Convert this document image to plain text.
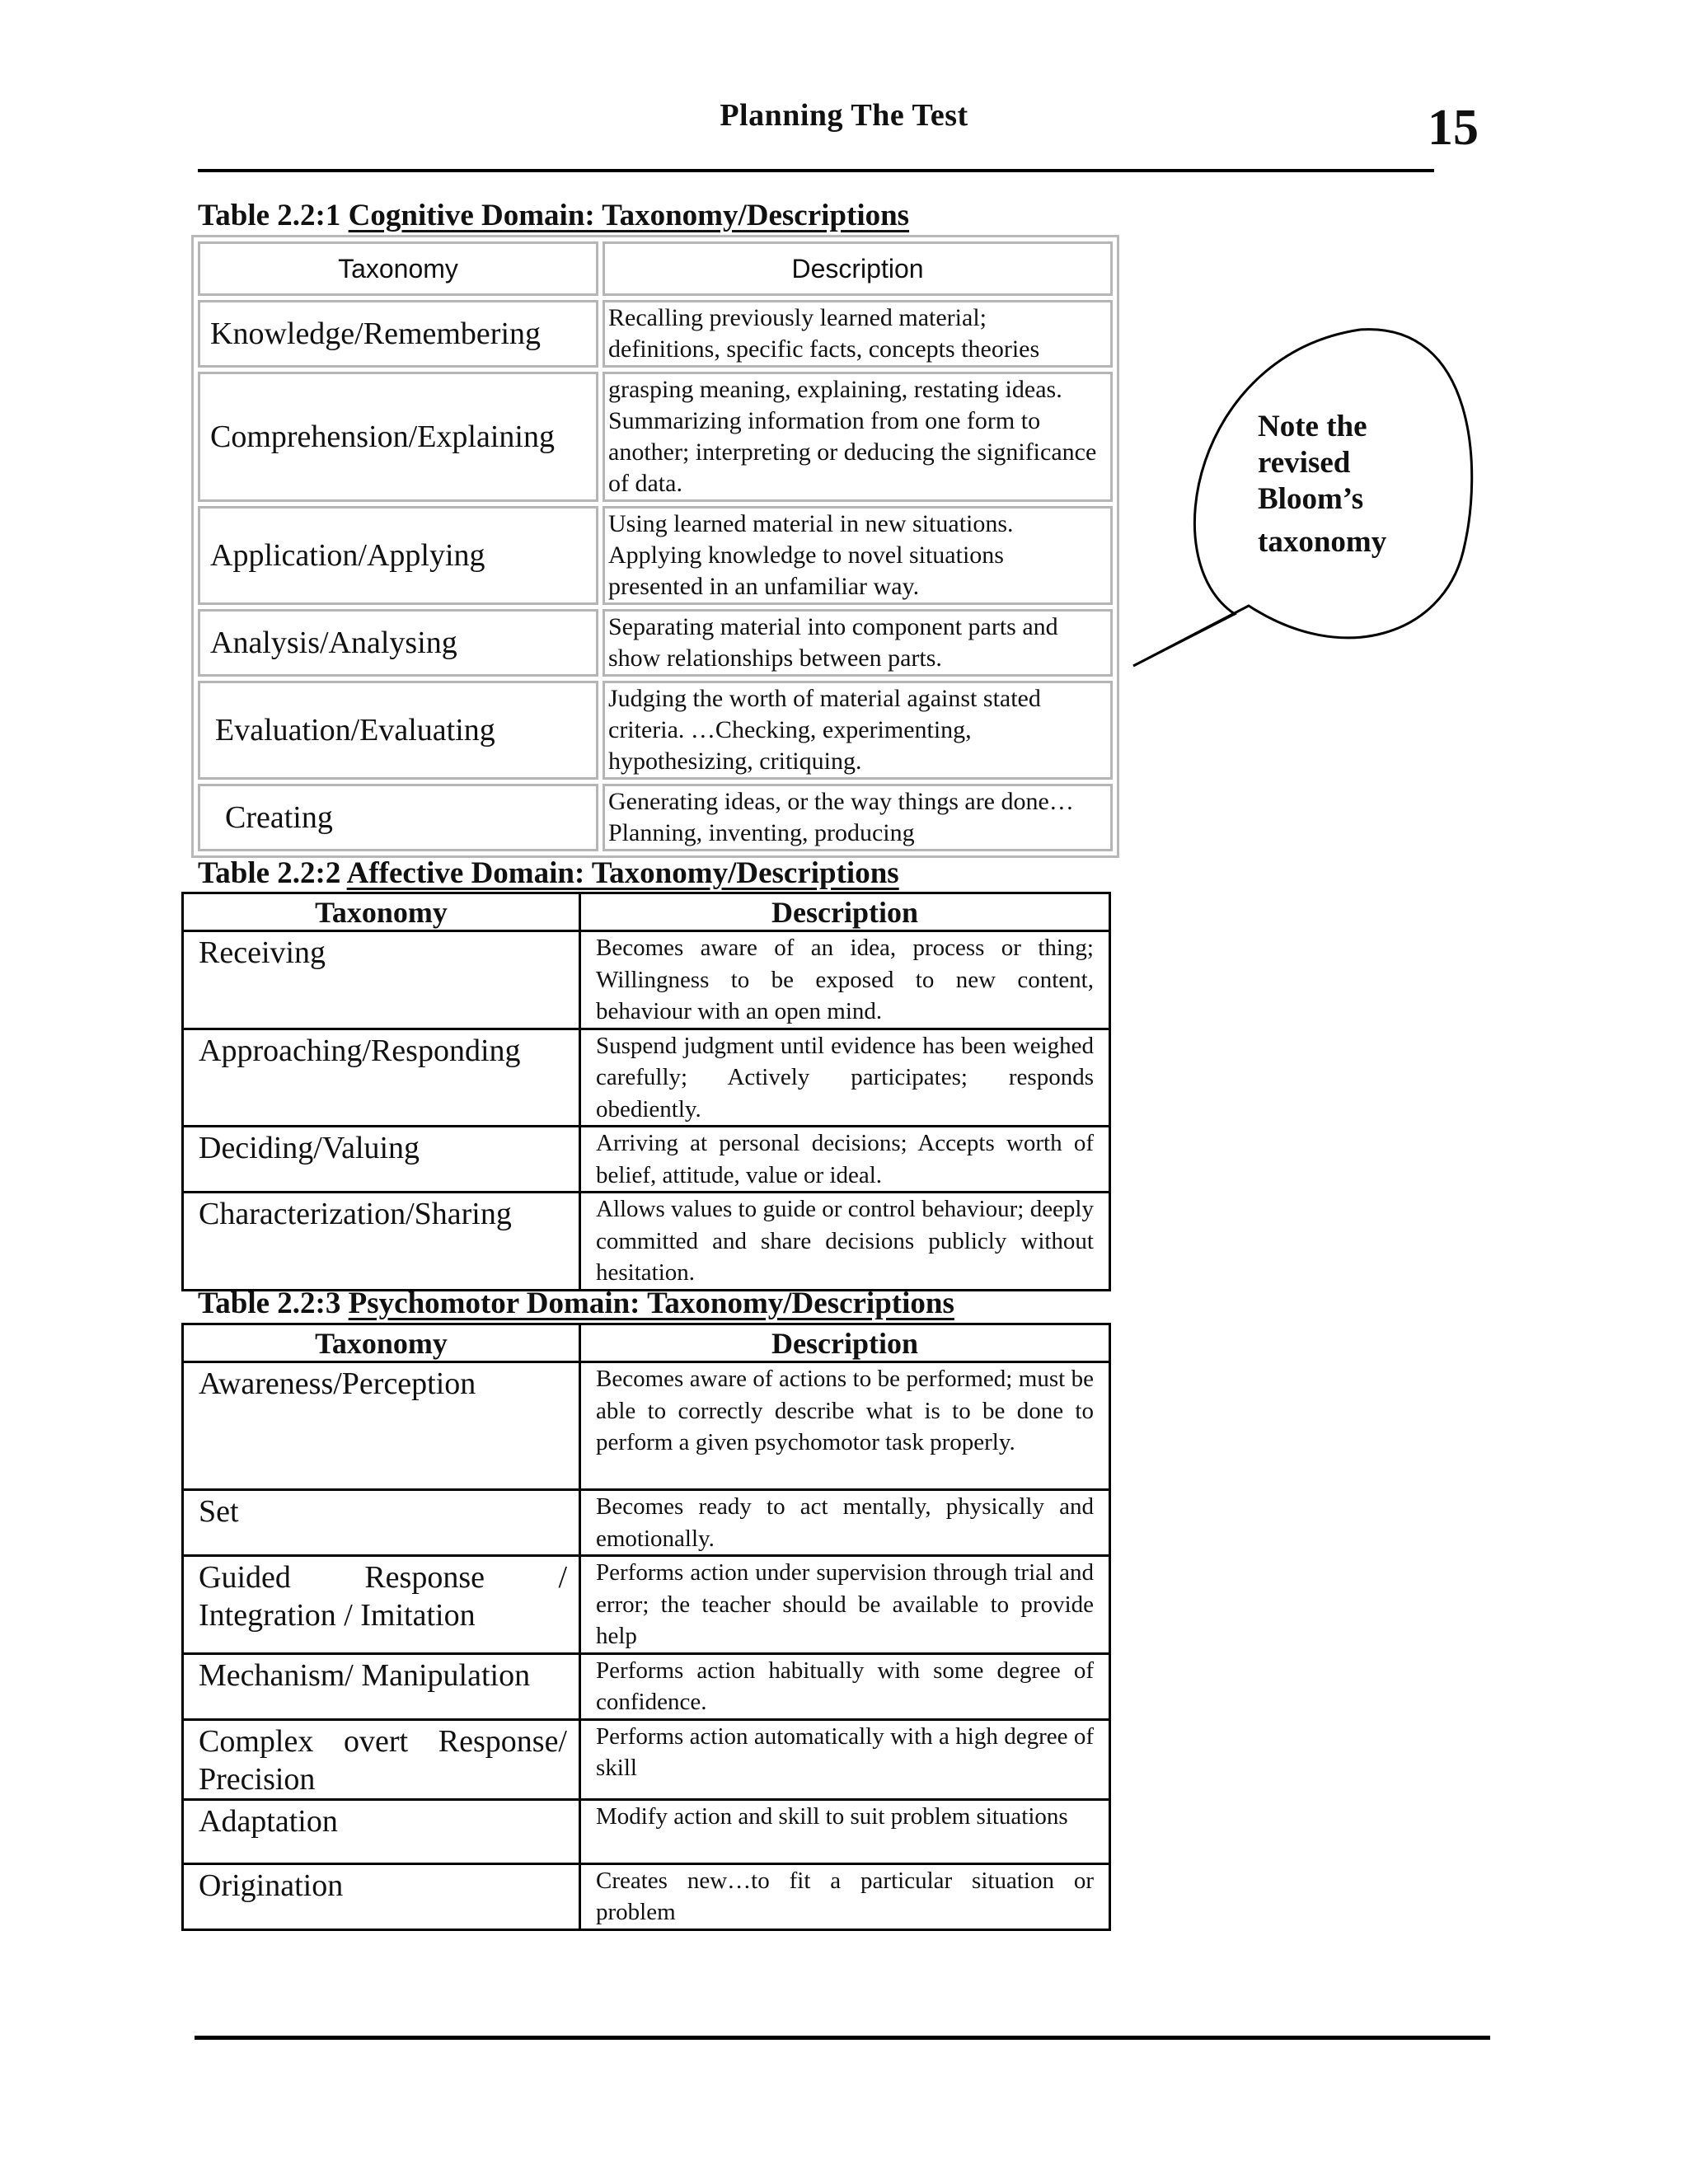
Planning The Test	15
Table 2.2:1 Cognitive Domain: Taxonomy/Descriptions
Taxonomy	Description
Knowledge/Remembering	Recalling previously learned material; definitions, specific facts, concepts theories
Comprehension/Explaining	grasping meaning, explaining, restating ideas. Summarizing information from one form to another; interpreting or deducing the significance of data.
Application/Applying	Using learned material in new situations. Applying knowledge to novel situations presented in an unfamiliar way.
Analysis/Analysing	Separating material into component parts and show relationships between parts.
Evaluation/Evaluating	Judging the worth of material against stated criteria. …Checking, experimenting, hypothesizing, critiquing.
Creating	Generating ideas, or the way things are done…Planning, inventing, producing
Note the
revised
Bloom’s
taxonomy
Table 2.2:2 Affective Domain: Taxonomy/Descriptions
Taxonomy	Description
Receiving	Becomes aware of an idea, process or thing; Willingness to be exposed to new content, behaviour with an open mind.
Approaching/Responding	Suspend judgment until evidence has been weighed carefully; Actively participates; responds obediently.
Deciding/Valuing	Arriving at personal decisions; Accepts worth of belief, attitude, value or ideal.
Characterization/Sharing	Allows values to guide or control behaviour; deeply committed and share decisions publicly without hesitation.
Table 2.2:3 Psychomotor Domain: Taxonomy/Descriptions
Taxonomy	Description
Awareness/Perception	Becomes aware of actions to be performed; must be able to correctly describe what is to be done to perform a given psychomotor task properly.
Set	Becomes ready to act mentally, physically and emotionally.
Guided Response / Integration / Imitation	Performs action under supervision through trial and error; the teacher should be available to provide help
Mechanism/ Manipulation	Performs action habitually with some degree of confidence.
Complex overt Response/ Precision	Performs action automatically with a high degree of skill
Adaptation	Modify action and skill to suit problem situations
Origination	Creates new…to fit a particular situation or problem
